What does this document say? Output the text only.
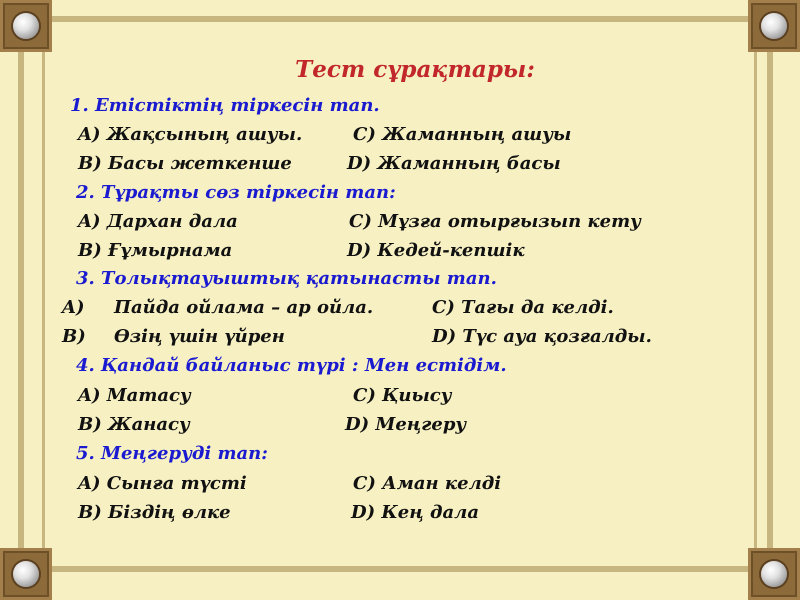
Тест сұрақтары:
1. Етістіктің тіркесін тап.
A) Жақсының ашуы.	C) Жаманның ашуы
B) Басы жеткенше	D) Жаманның басы
2. Тұрақты сөз тіркесін тап:
A) Дархан дала	C) Мұзға отырғызып кету
B) Ғұмырнама	D) Кедей-кепшік
3. Толықтауыштық қатынасты тап.
A) Пайда ойлама – ар ойла.	C) Тағы да келді.
B) Өзің үшін үйрен	D) Түс ауа қозғалды.
4. Қандай байланыс түрі : Мен естідім.
A) Матасу	C) Қиысу
B) Жанасу	D) Меңгеру
5. Меңгеруді тап:
A) Сынға түсті	C) Аман келді
B) Біздің өлке	D) Кең дала
